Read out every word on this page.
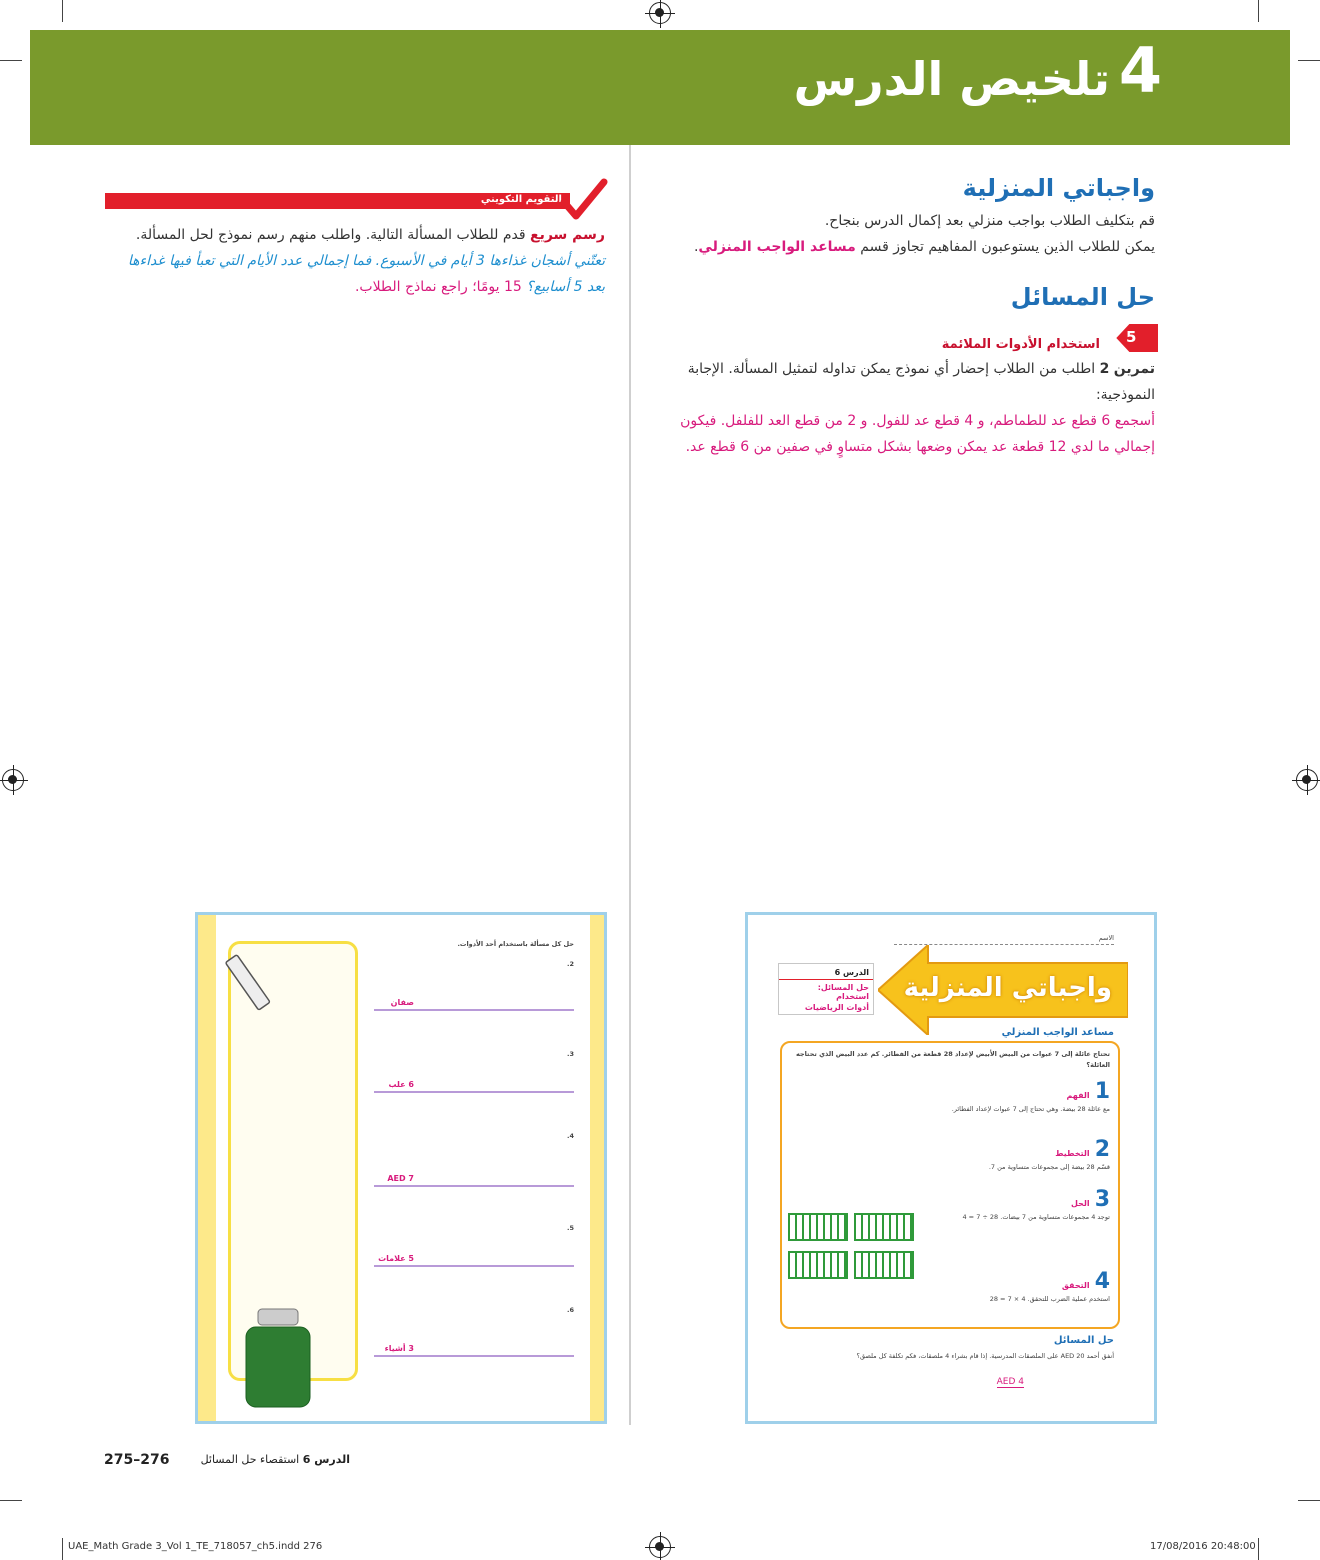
4
تلخيص الدرس
واجباتي المنزلية
قم بتكليف الطلاب بواجب منزلي بعد إكمال الدرس بنجاح.
يمكن للطلاب الذين يستوعبون المفاهيم تجاوز قسم مساعد الواجب المنزلي.
حل المسائل
5
استخدام الأدوات الملائمة
تمرين 2 اطلب من الطلاب إحضار أي نموذج يمكن تداوله لتمثيل المسألة. الإجابة النموذجية:
أسجمع 6 قطع عد للطماطم، و 4 قطع عد للفول. و 2 من قطع العد للفلفل. فيكون
إجمالي ما لدي 12 قطعة عد يمكن وضعها بشكل متساوٍ في صفين من 6 قطع عد.
التقويم التكويني
رسم سريع قدم للطلاب المسألة التالية. واطلب منهم رسم نموذج لحل المسألة.
تعتّني أشجان غذاءها 3 أيام في الأسبوع. فما إجمالي عدد الأيام التي تعبأ فيها غداءها
بعد 5 أسابيع؟ 15 يومًا؛ راجع نماذج الطلاب.
الاسم
واجباتي المنزلية
الدرس 6
حل المسائل: استخدام
أدوات الرياضيات
مساعد الواجب المنزلي
تحتاج عائلة إلى 7 عبوات من البيض الأبيض لإعداد 28 قطعة من الفطائر. كم عدد البيض الذي تحتاجه العائلة؟
1 الفهم
مع عائلة 28 بيضة. وهي تحتاج إلى 7 عبوات لإعداد الفطائر.
2 التخطيط
قسّم 28 بيضة إلى مجموعات متساوية من 7.
3 الحل
توجد 4 مجموعات متساوية من 7 بيضات. 28 ÷ 7 = 4
4 التحقق
استخدم عملية الضرب للتحقق. 4 × 7 = 28
حل المسائل
أنفق أحمد 20 AED على الملصقات المدرسية. إذا قام بشراء 4 ملصقات، فكم تكلفة كل ملصق؟
AED 4
حل كل مسألة باستخدام أحد الأدوات.
2.
صفان
3.
6 علب
4.
AED 7
5.
5 علامات
6.
3 أشياء
275–276	الدرس 6 استقصاء حل المسائل
UAE_Math Grade 3_Vol 1_TE_718057_ch5.indd 276	17/08/2016 20:48:00
